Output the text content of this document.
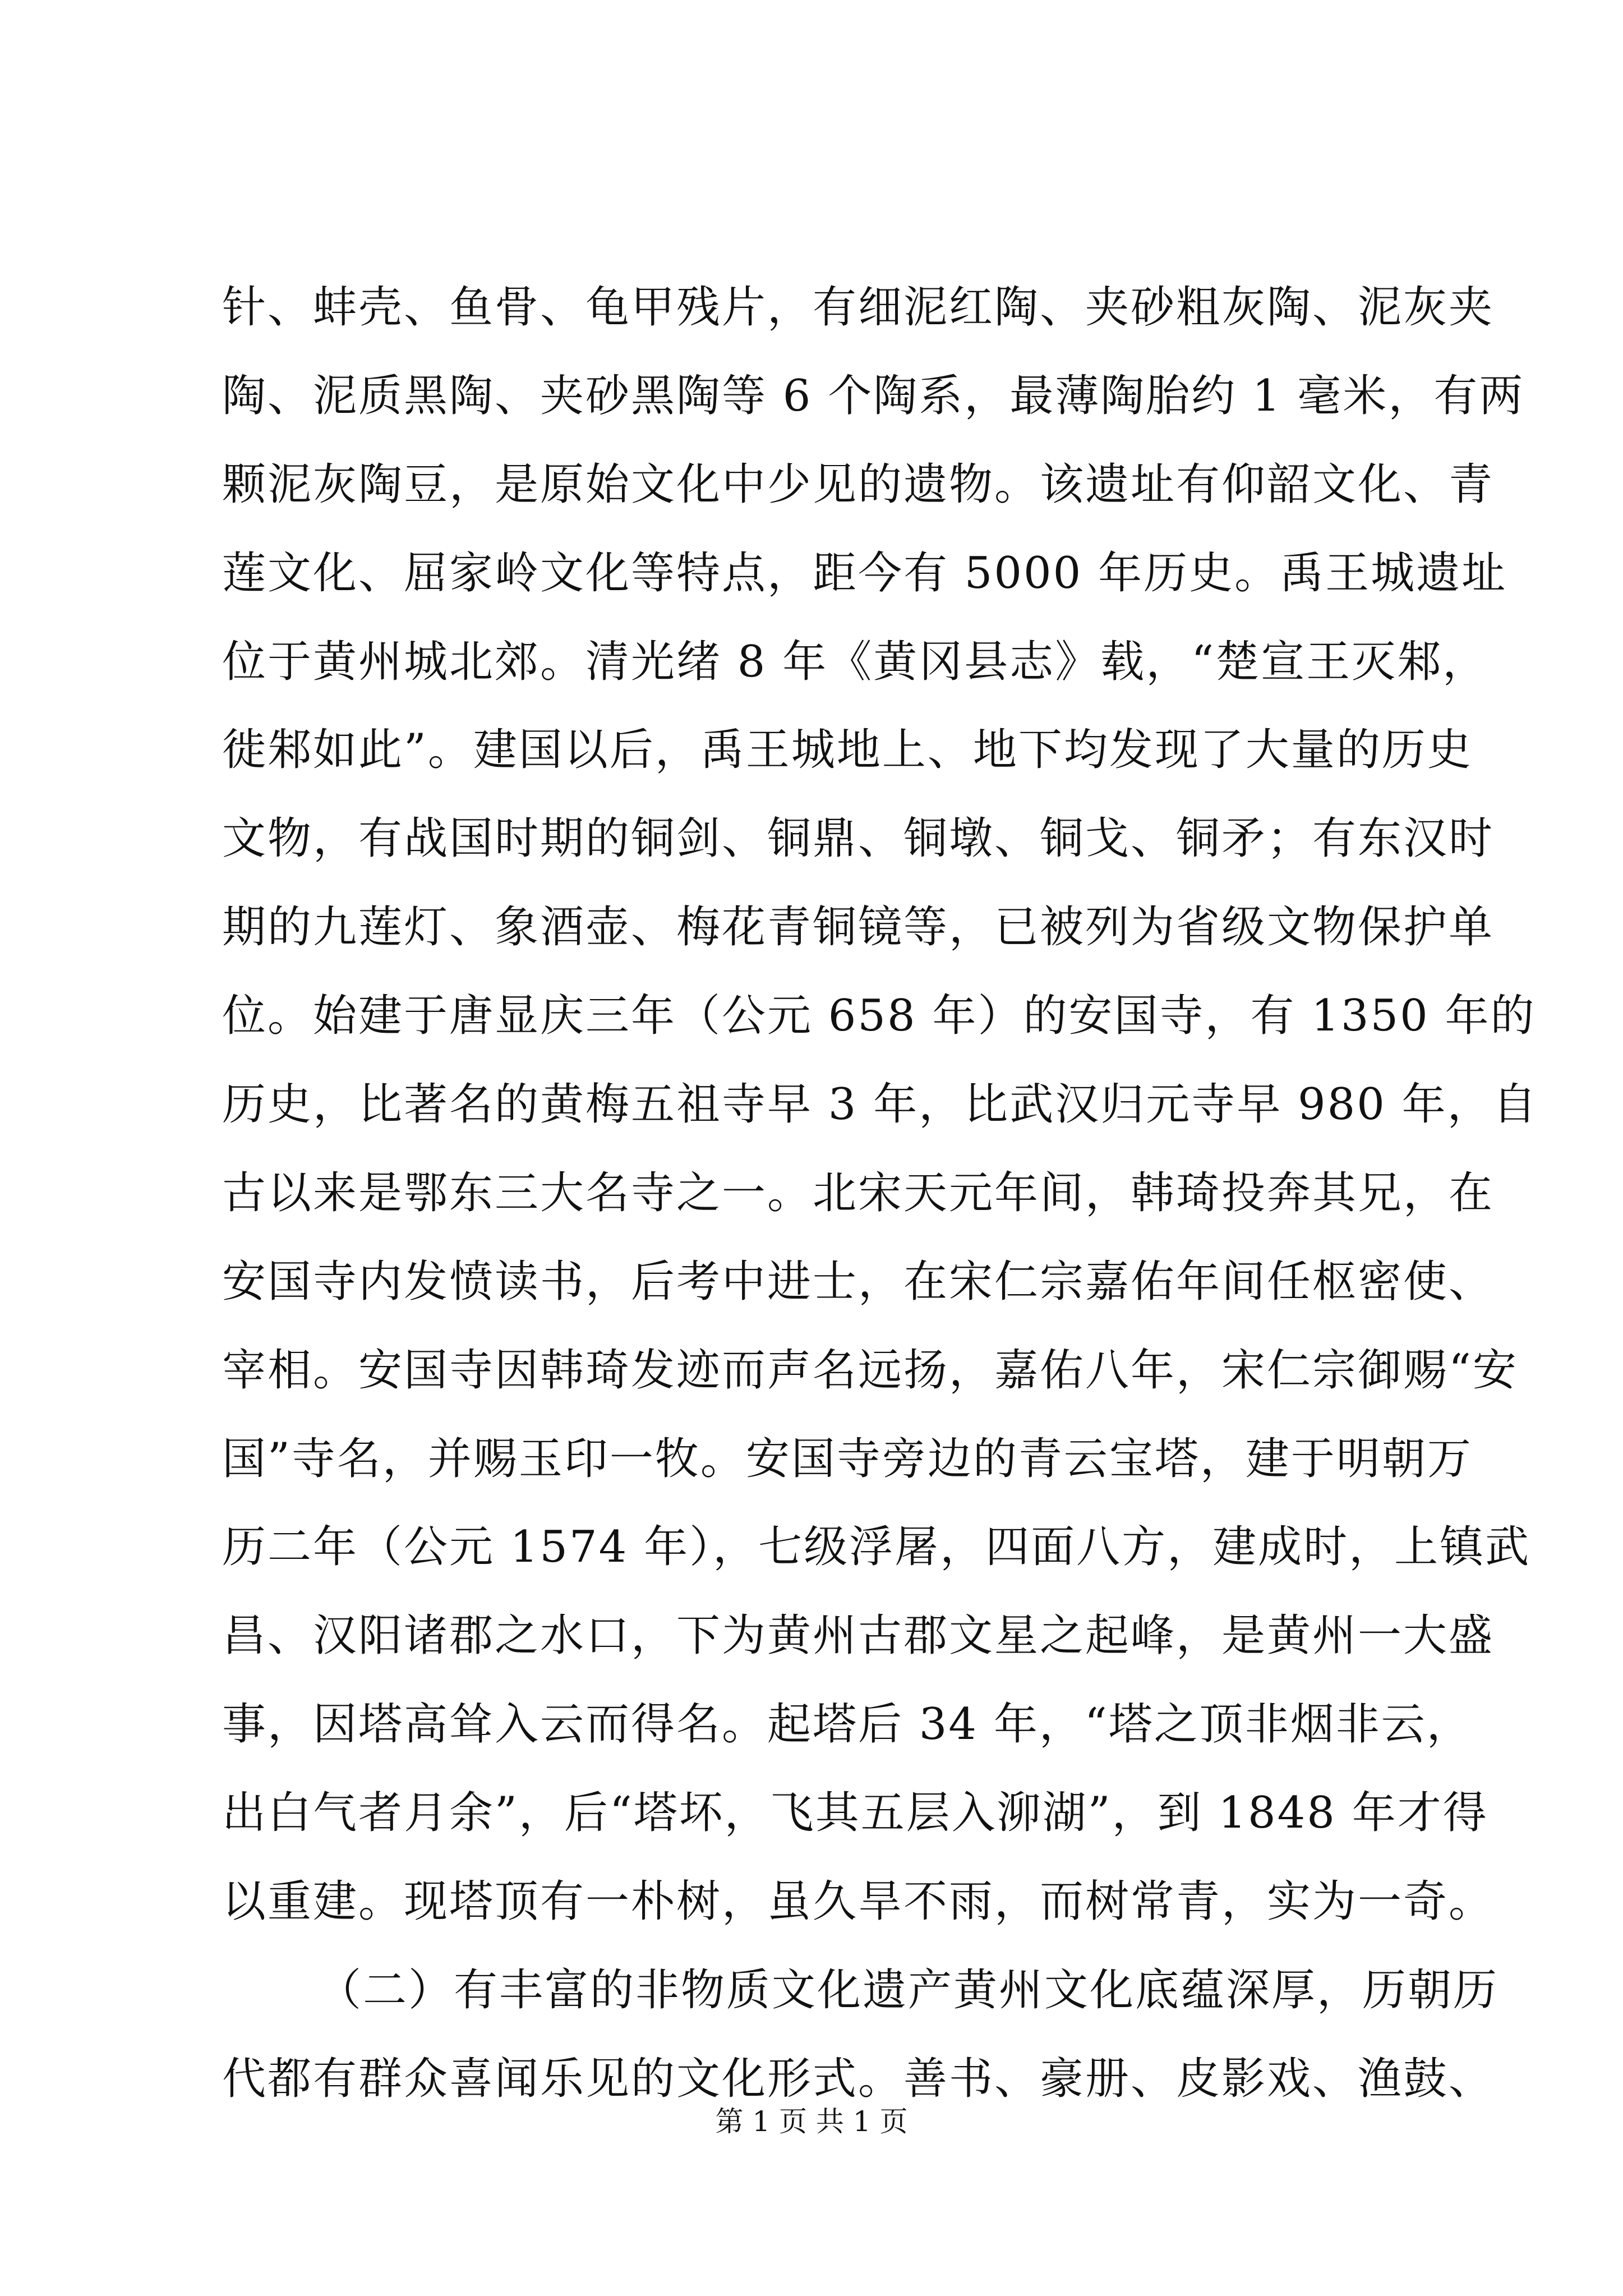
针、蚌壳、鱼骨、龟甲残片，有细泥红陶、夹砂粗灰陶、泥灰夹
陶、泥质黑陶、夹砂黑陶等 6 个陶系，最薄陶胎约 1 毫米，有两
颗泥灰陶豆，是原始文化中少见的遗物。该遗址有仰韶文化、青
莲文化、屈家岭文化等特点，距今有 5000 年历史。禹王城遗址
位于黄州城北郊。清光绪 8 年《黄冈县志》载，“楚宣王灭邾，
徙邾如此”。建国以后，禹王城地上、地下均发现了大量的历史
文物，有战国时期的铜剑、铜鼎、铜墩、铜戈、铜矛；有东汉时
期的九莲灯、象酒壶、梅花青铜镜等，已被列为省级文物保护单
位。始建于唐显庆三年（公元 658 年）的安国寺，有 1350 年的
历史，比著名的黄梅五祖寺早 3 年，比武汉归元寺早 980 年，自
古以来是鄂东三大名寺之一。北宋天元年间，韩琦投奔其兄，在
安国寺内发愤读书，后考中进士，在宋仁宗嘉佑年间任枢密使、
宰相。安国寺因韩琦发迹而声名远扬，嘉佑八年，宋仁宗御赐“安
国”寺名，并赐玉印一牧。安国寺旁边的青云宝塔，建于明朝万
历二年（公元 1574 年），七级浮屠，四面八方，建成时，上镇武
昌、汉阳诸郡之水口，下为黄州古郡文星之起峰，是黄州一大盛
事，因塔高耸入云而得名。起塔后 34 年，“塔之顶非烟非云，
出白气者月余”，后“塔坏，飞其五层入泖湖”，到 1848 年才得
以重建。现塔顶有一朴树，虽久旱不雨，而树常青，实为一奇。
（二）有丰富的非物质文化遗产黄州文化底蕴深厚，历朝历
代都有群众喜闻乐见的文化形式。善书、豪册、皮影戏、渔鼓、
第 1 页 共 1 页
